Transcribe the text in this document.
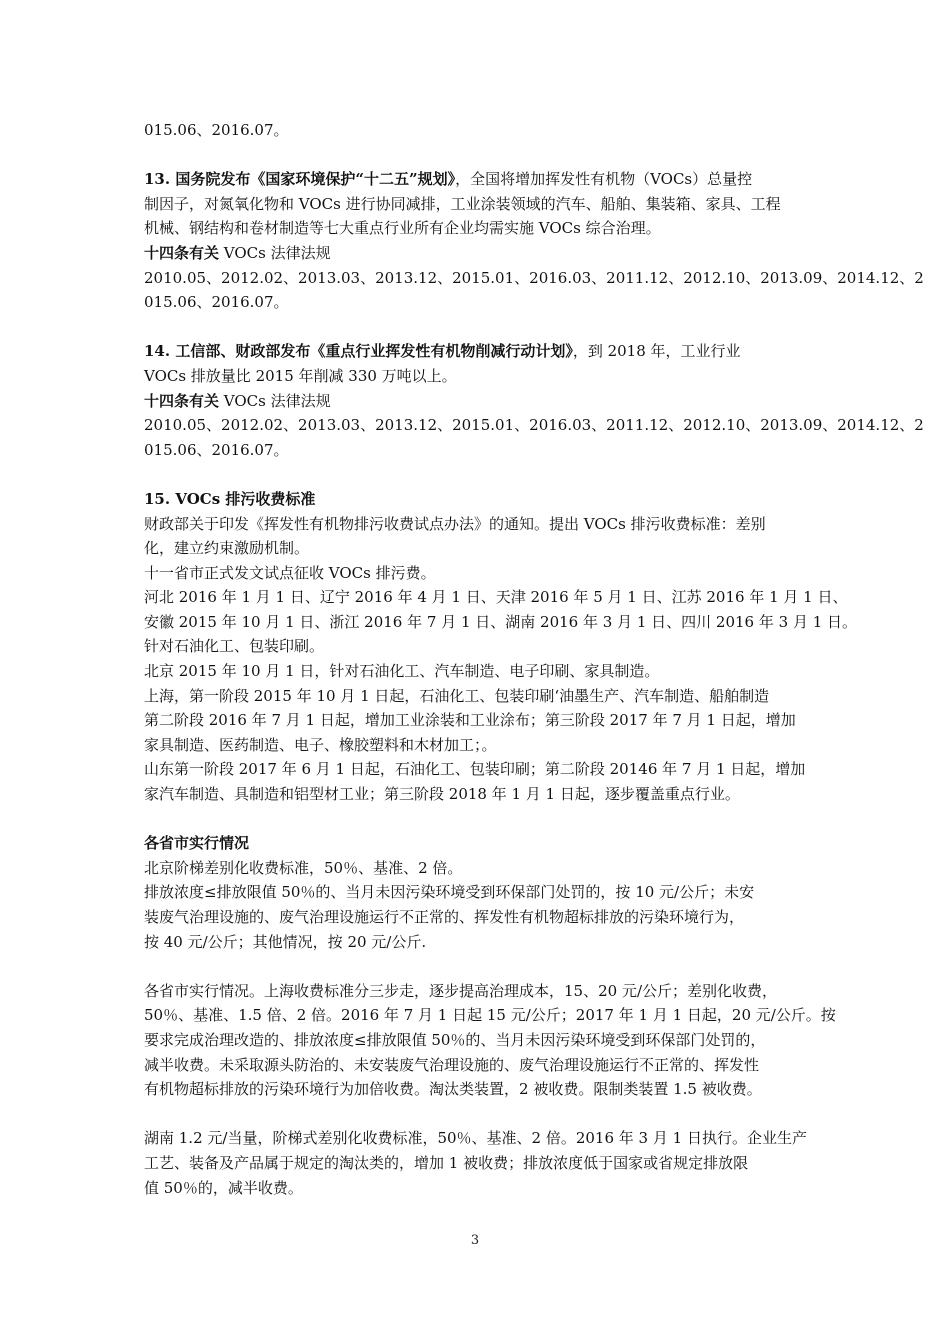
015.06、2016.07。
13. 国务院发布《国家环境保护“十二五”规划》，全国将增加挥发性有机物（VOCs）总量控
制因子，对氮氧化物和 VOCs 进行协同减排，工业涂装领域的汽车、船舶、集装箱、家具、工程
机械、钢结构和卷材制造等七大重点行业所有企业均需实施 VOCs 综合治理。
十四条有关 VOCs 法律法规
2010.05、2012.02、2013.03、2013.12、2015.01、2016.03、2011.12、2012.10、2013.09、2014.12、2
015.06、2016.07。
14. 工信部、财政部发布《重点行业挥发性有机物削减行动计划》，到 2018 年，工业行业
VOCs 排放量比 2015 年削减 330 万吨以上。
十四条有关 VOCs 法律法规
2010.05、2012.02、2013.03、2013.12、2015.01、2016.03、2011.12、2012.10、2013.09、2014.12、2
015.06、2016.07。
15. VOCs 排污收费标准
财政部关于印发《挥发性有机物排污收费试点办法》的通知。提出 VOCs 排污收费标准：差别
化，建立约束激励机制。
十一省市正式发文试点征收 VOCs 排污费。
河北 2016 年 1 月 1 日、辽宁 2016 年 4 月 1 日、天津 2016 年 5 月 1 日、江苏 2016 年 1 月 1 日、
安徽 2015 年 10 月 1 日、浙江 2016 年 7 月 1 日、湖南 2016 年 3 月 1 日、四川 2016 年 3 月 1 日。
针对石油化工、包装印刷。
北京 2015 年 10 月 1 日，针对石油化工、汽车制造、电子印刷、家具制造。
上海，第一阶段 2015 年 10 月 1 日起，石油化工、包装印刷‘油墨生产、汽车制造、船舶制造
第二阶段 2016 年 7 月 1 日起，增加工业涂装和工业涂布；第三阶段 2017 年 7 月 1 日起，增加
家具制造、医药制造、电子、橡胶塑料和木材加工；。
山东第一阶段 2017 年 6 月 1 日起，石油化工、包装印刷；第二阶段 20146 年 7 月 1 日起，增加
家汽车制造、具制造和铝型材工业；第三阶段 2018 年 1 月 1 日起，逐步覆盖重点行业。
各省市实行情况
北京阶梯差别化收费标准，50％、基准、2 倍。
排放浓度≤排放限值 50％的、当月未因污染环境受到环保部门处罚的，按 10 元/公斤；未安
装废气治理设施的、废气治理设施运行不正常的、挥发性有机物超标排放的污染环境行为，
按 40 元/公斤；其他情况，按 20 元/公斤.
各省市实行情况。上海收费标准分三步走，逐步提高治理成本，15、20 元/公斤；差别化收费，
50％、基准、1.5 倍、2 倍。2016 年 7 月 1 日起 15 元/公斤；2017 年 1 月 1 日起，20 元/公斤。按
要求完成治理改造的、排放浓度≤排放限值 50％的、当月未因污染环境受到环保部门处罚的，
减半收费。未采取源头防治的、未安装废气治理设施的、废气治理设施运行不正常的、挥发性
有机物超标排放的污染环境行为加倍收费。淘汰类装置，2 被收费。限制类装置 1.5 被收费。
湖南 1.2 元/当量，阶梯式差别化收费标准，50％、基准、2 倍。2016 年 3 月 1 日执行。企业生产
工艺、装备及产品属于规定的淘汰类的，增加 1 被收费；排放浓度低于国家或省规定排放限
值 50％的，减半收费。
3
